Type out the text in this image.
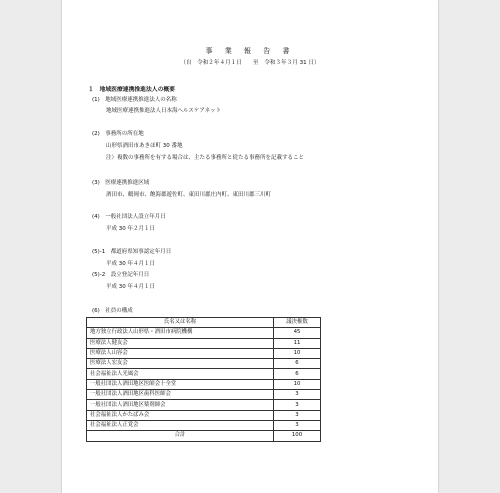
事 業 報 告 書
（自　令和２年４月１日　　至　令和３年３月 31 日）
１　地域医療連携推進法人の概要
(1)　地域医療連携推進法人の名称
地域医療連携推進法人日本海ヘルスケアネット
(2)　事務所の所在地
山形県酒田市あきほ町 30 番地
注）複数の事務所を有する場合は、主たる事務所と従たる事務所を記載すること
(3)　医療連携推進区域
酒田市、鶴岡市、飽海郡遊佐町、東田川郡庄内町、東田川郡三川町
(4)　一般社団法人設立年月日
平成 30 年２月１日
(5)-1　都道府県知事認定年月日
平成 30 年４月１日
(5)-2　設立登記年月日
平成 30 年４月１日
(6)　社員の構成
氏名又は名称	議決権数
地方独立行政法人山形県・酒田市病院機構	45
医療法人健友会	11
医療法人山容会	10
医療法人宏友会	6
社会福祉法人光風会	6
一般社団法人酒田地区医師会十全堂	10
一般社団法人酒田地区歯科医師会	3
一般社団法人酒田地区薬剤師会	3
社会福祉法人かたばみ会	3
社会福祉法人正覚会	3
合計	100
